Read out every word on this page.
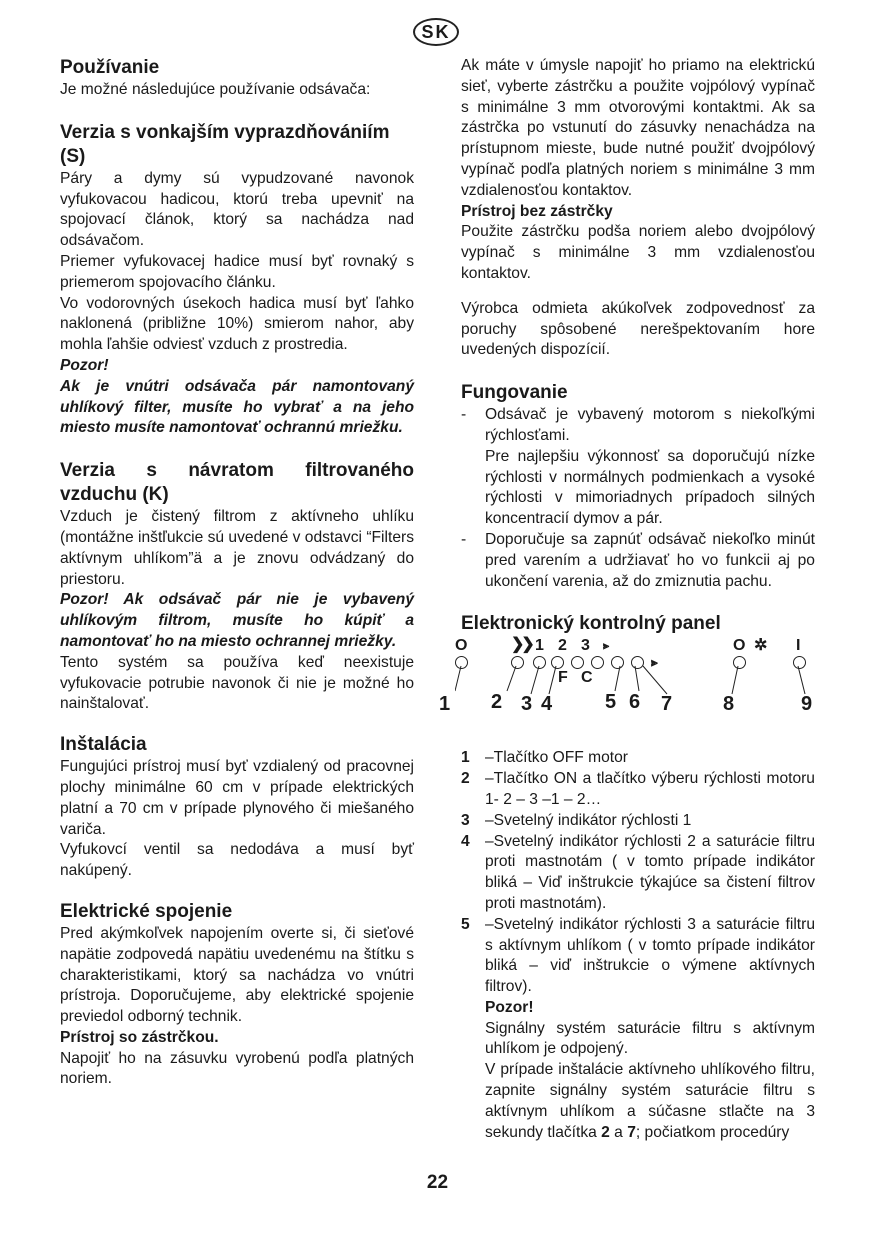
SK
Používanie

Je možné následujúce používanie odsávača:

Verzia s vonkajším vyprazdňovániím (S)

Páry a dymy sú vypudzované navonok vyfukovacou hadicou, ktorú treba upevniť na spojovací článok, ktorý sa nachádza nad odsávačom.

Priemer vyfukovacej hadice musí byť rovnaký s priemerom spojovacího článku.

Vo vodorovných úsekoch hadica musí byť ľahko naklonená (približne 10%) smierom nahor, aby mohla ľahšie odviesť vzduch z prostredia.

Pozor!

Ak je vnútri odsávača pár namontovaný uhlíkový filter, musíte ho vybrať a na jeho miesto musíte namontovať ochrannú mriežku.

Verzia s návratom filtrovaného vzduchu (K)

Vzduch je čistený filtrom z aktívneho uhlíku (montážne inštľukcie sú uvedené v odstavci “Filters aktívnym uhlíkom”ä a je znovu odvádzaný do priestoru.

Pozor! Ak odsávač pár nie je vybavený uhlíkovým filtrom, musíte ho kúpiť a namontovať ho na miesto ochrannej mriežky.

Tento systém sa používa keď neexistuje vyfukovacie potrubie navonok či nie je možné ho nainštalovať.

Inštalácia

Fungujúci prístroj musí byť vzdialený od pracovnej plochy minimálne 60 cm v prípade elektrických platní a 70 cm v prípade plynového či miešaného variča.

Vyfukovcí ventil sa nedodáva a musí byť nakúpený.

Elektrické spojenie

Pred akýmkoľvek napojením overte si, či sieťové napätie zodpovedá napätiu uvedenému na štítku s charakteristikami, ktorý sa nachádza vo vnútri prístroja. Doporučujeme, aby elektrické spojenie previedol odborný technik.

Prístroj so zástrčkou.

Napojiť ho na zásuvku vyrobenú podľa platných noriem.

Ak máte v úmysle napojiť ho priamo na elektrickú sieť, vyberte zástrčku a použite vojpólový vypínač s minimálne 3 mm otvorovými kontaktmi. Ak sa zástrčka po vstunutí do zásuvky nenachádza na prístupnom mieste, bude nutné použiť dvojpólový vypínač podľa platných noriem s minimálne 3 mm vzdialenosťou kontaktov.

Prístroj bez zástrčky

Použite zástrčku podša noriem alebo dvojpólový vypínač s minimálne 3 mm vzdialenosťou kontaktov.

Výrobca odmieta akúkoľvek zodpovednosť za poruchy spôsobené nerešpektovaním hore uvedených dispozícií.

Fungovanie
-	Odsávač je vybavený motorom s niekoľkými rýchlosťami.

Pre najlepšiu výkonnosť sa doporučujú nízke rýchlosti v normálnych podmienkach a vysoké rýchlosti v mimoriadnych prípadoch silných koncentracií dymov a pár.

-	Doporučuje sa zapnúť odsávač niekoľko minút pred varením a udržiavať ho vo funkcii aj po ukončení varenia, až do zmiznutia pachu.

Elektronický kontrolný panel
O	❯❯ 1 2 3 ⫸	O ✲ I
⫸
F C
1 2 3 4	5 6 7	8	9
1 –Tlačítko OFF motor
2 –Tlačítko ON a tlačítko výberu rýchlosti motoru 1- 2 – 3 –1 – 2…
3 –Svetelný indikátor rýchlosti 1
4 –Svetelný indikátor rýchlosti 2 a saturácie filtru proti mastnotám ( v tomto prípade indikátor bliká – Viď inštrukcie týkajúce sa čistení filtrov proti mastnotám).
5 –Svetelný indikátor rýchlosti 3 a saturácie filtru s aktívnym uhlíkom ( v tomto prípade indikátor bliká – viď inštrukcie o výmene aktívnych filtrov).

Pozor!

Signálny systém saturácie filtru s aktívnym uhlíkom je odpojený.

V prípade inštalácie aktívneho uhlíkového filtru, zapnite signálny systém saturácie filtru s aktívnym uhlíkom a súčasne stlačte na 3 sekundy tlačítka 2 a 7; počiatkom procedúry

22
